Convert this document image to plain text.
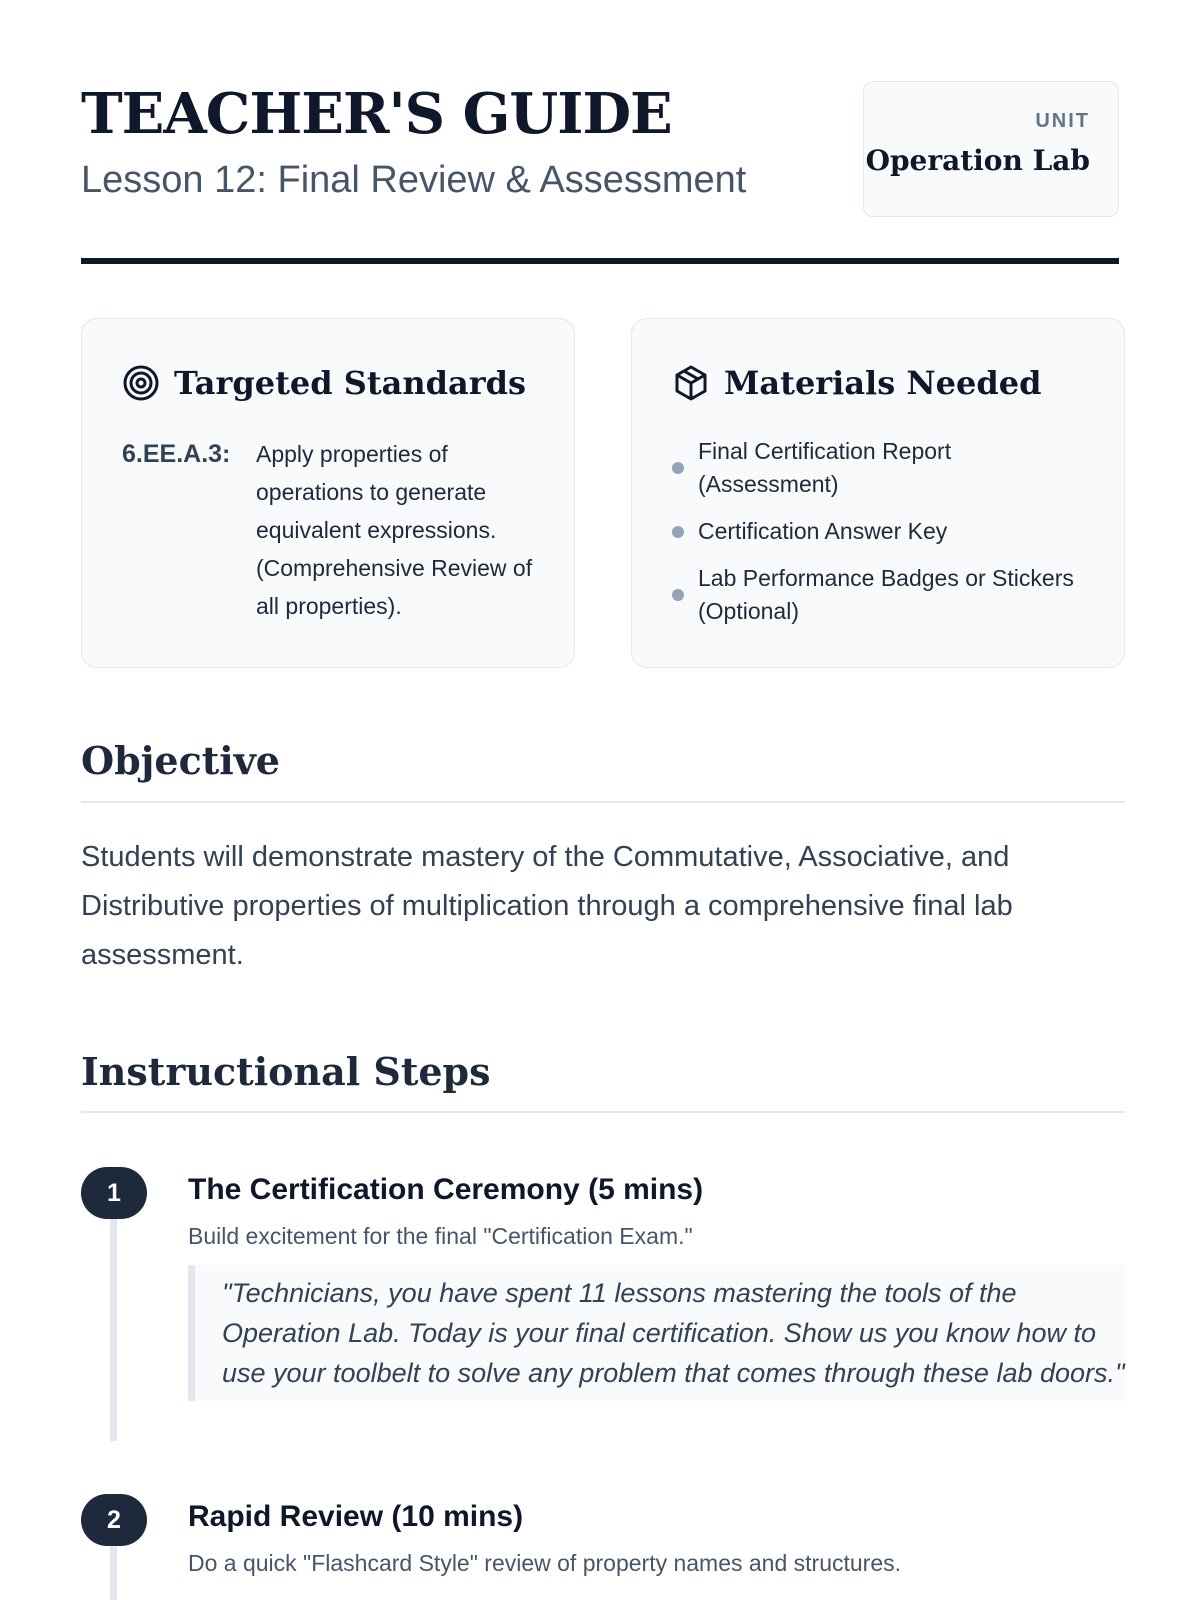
TEACHER'S GUIDE
Lesson 12: Final Review & Assessment
UNIT
Operation Lab
Targeted Standards
6.EE.A.3:	Apply properties of operations to generate equivalent expressions. (Comprehensive Review of all properties).
Materials Needed
Final Certification Report (Assessment)
Certification Answer Key
Lab Performance Badges or Stickers (Optional)
Objective

Students will demonstrate mastery of the Commutative, Associative, and Distributive properties of multiplication through a comprehensive final lab assessment.

Instructional Steps
1	The Certification Ceremony (5 mins)
Build excitement for the final "Certification Exam."
"Technicians, you have spent 11 lessons mastering the tools of the Operation Lab. Today is your final certification. Show us you know how to use your toolbelt to solve any problem that comes through these lab doors."
2	Rapid Review (10 mins)
Do a quick "Flashcard Style" review of property names and structures.
